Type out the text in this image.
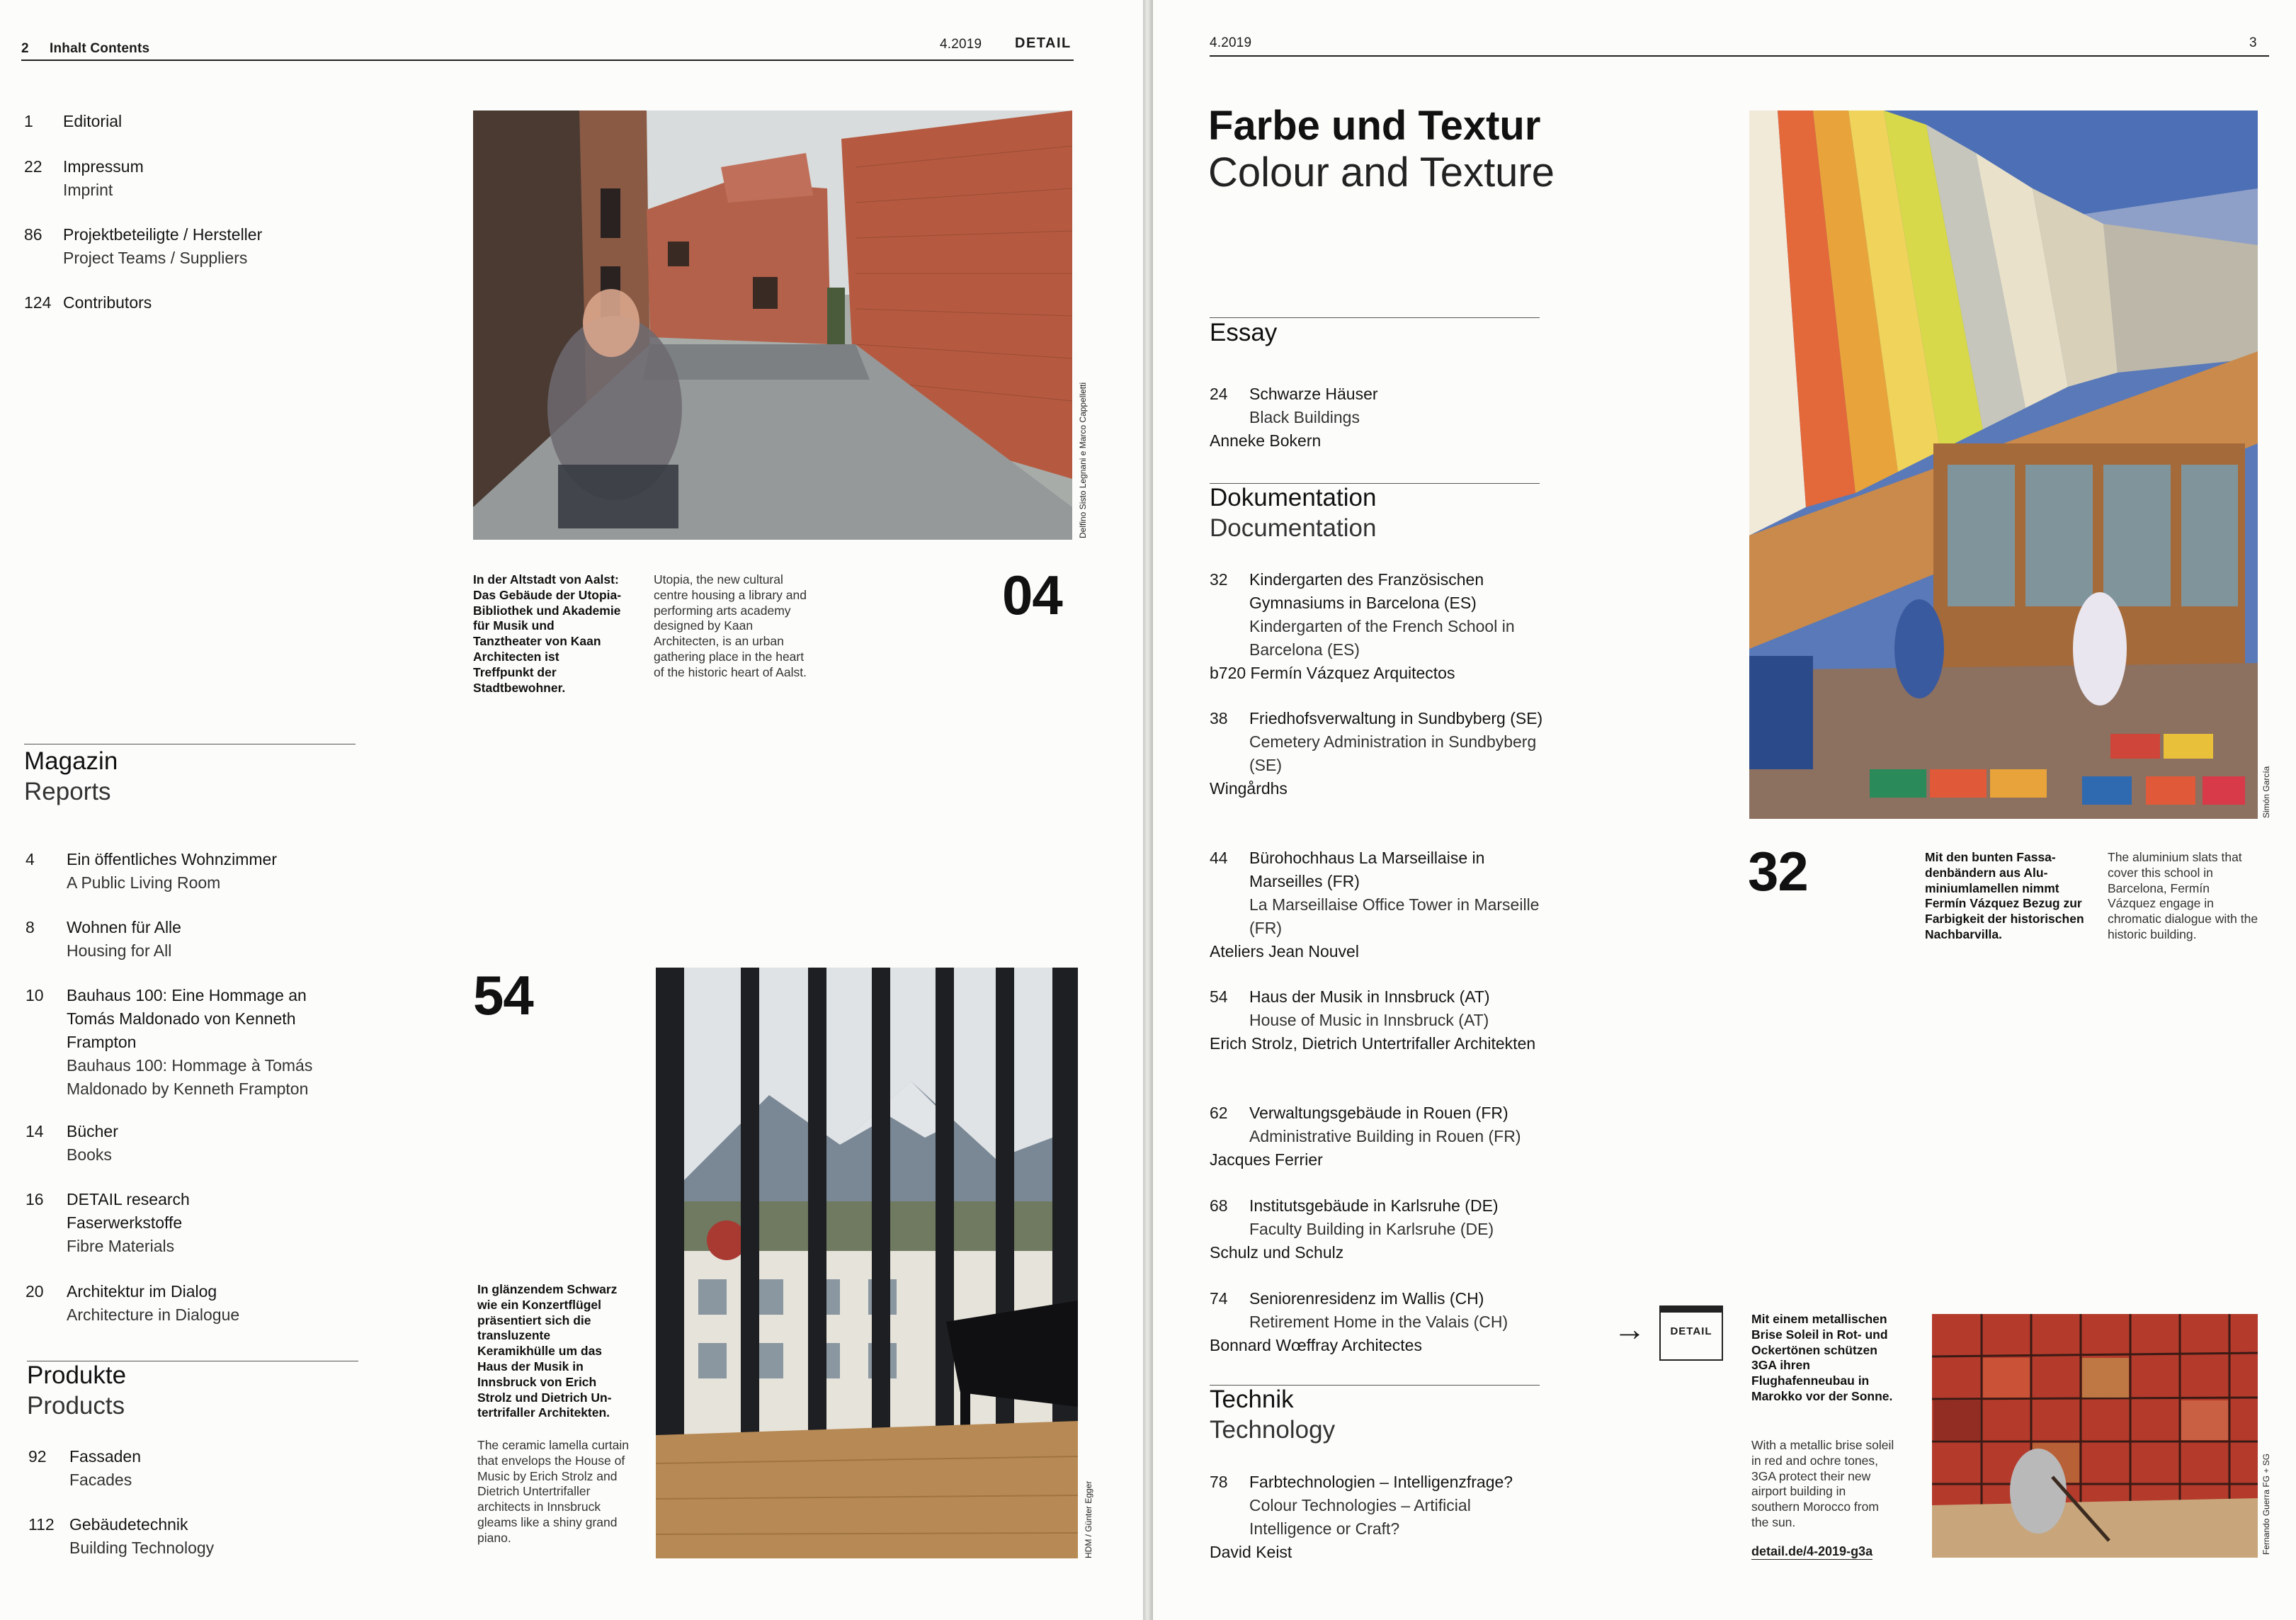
2 Inhalt Contents	4.2019 DETAIL
1 Editorial
22 Impressum
Imprint
86 Projektbeteiligte / Hersteller
Project Teams / Suppliers
124 Contributors
Magazin
Reports
4 Ein öffentliches Wohnzimmer
A Public Living Room
8 Wohnen für Alle
Housing for All
10 Bauhaus 100: Eine Hommage an Tomás Maldonado von Kenneth Frampton
Bauhaus 100: Hommage à Tomás Maldonado by Kenneth Frampton
14 Bücher
Books
16 DETAIL research Faserwerkstoffe
Fibre Materials
20 Architektur im Dialog
Architecture in Dialogue
Produkte
Products
92 Fassaden
Facades
112 Gebäudetechnik
Building Technology
Delfino Sisto Legnani e Marco Cappelletti
In der Altstadt von Aalst: Das Gebäude der Utopia-Bibliothek und Akademie für Musik und Tanztheater von Kaan Architecten ist Treffpunkt der Stadtbewohner.
Utopia, the new cultural centre housing a library and performing arts academy designed by Kaan Architecten, is an urban gathering place in the heart of the historic heart of Aalst.
04
54
HDM / Günter Egger
In glänzendem Schwarz wie ein Konzertflügel präsentiert sich die transluzente Keramikhülle um das Haus der Musik in Innsbruck von Erich Strolz und Dietrich Untertrifaller Architekten.
The ceramic lamella curtain that envelops the House of Music by Erich Strolz and Dietrich Untertrifaller architects in Innsbruck gleams like a shiny grand piano.
4.2019	3
Farbe und Textur
Colour and Texture
Essay
24 Schwarze Häuser
Black Buildings
Anneke Bokern
Dokumentation
Documentation
32 Kindergarten des Französischen Gymnasiums in Barcelona (ES)
Kindergarten of the French School in Barcelona (ES)
b720 Fermín Vázquez Arquitectos
38 Friedhofsverwaltung in Sundbyberg (SE)
Cemetery Administration in Sundbyberg (SE)
Wingårdhs
44 Bürohochhaus La Marseillaise in Marseilles (FR)
La Marseillaise Office Tower in Marseille (FR)
Ateliers Jean Nouvel
54 Haus der Musik in Innsbruck (AT)
House of Music in Innsbruck (AT)
Erich Strolz, Dietrich Untertrifaller Architekten
62 Verwaltungsgebäude in Rouen (FR)
Administrative Building in Rouen (FR)
Jacques Ferrier
68 Institutsgebäude in Karlsruhe (DE)
Faculty Building in Karlsruhe (DE)
Schulz und Schulz
74 Seniorenresidenz im Wallis (CH)
Retirement Home in the Valais (CH)
Bonnard Wœffray Architectes
Technik
Technology
78 Farbtechnologien – Intelligenzfrage?
Colour Technologies – Artificial Intelligence or Craft?
David Keist
Simón García
32	Mit den bunten Fassadenbändern aus Aluminiumlamellen nimmt Fermín Vázquez Bezug zur Farbigkeit der historischen Nachbarvilla.
The aluminium slats that cover this school in Barcelona, Fermín Vázquez engage in chromatic dialogue with the historic building.
→	DETAIL
Mit einem metallischen Brise Soleil in Rot- und Ockertönen schützen 3GA ihren Flughafenneubau in Marokko vor der Sonne.
With a metallic brise soleil in red and ochre tones, 3GA protect their new airport building in southern Morocco from the sun.
detail.de/4-2019-g3a	Fernando Guerra FG + SG
